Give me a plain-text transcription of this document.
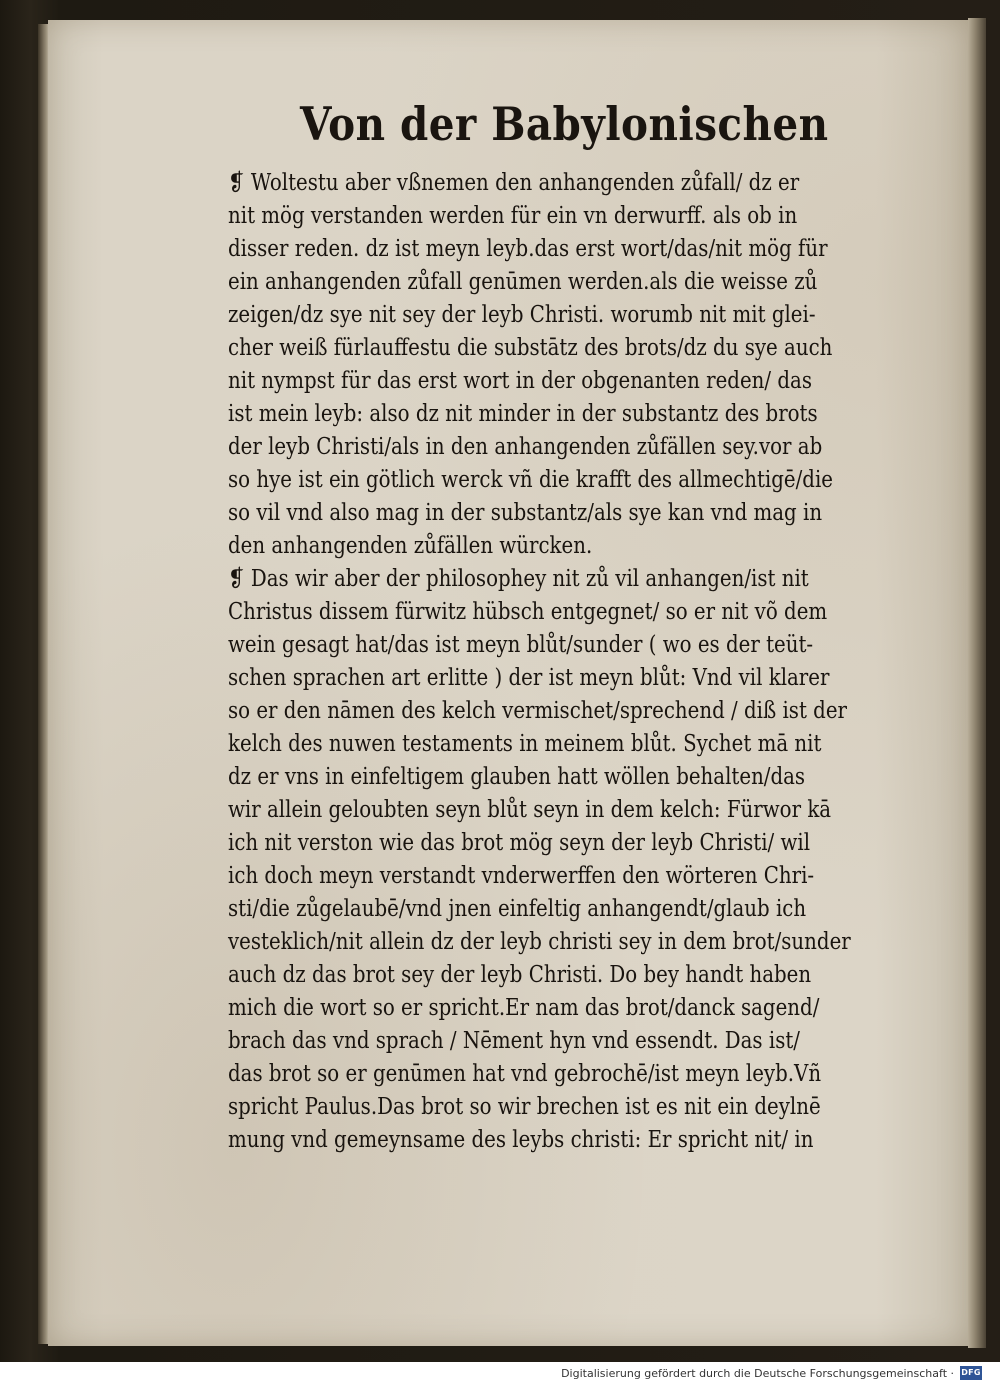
Von der Babylonischen
❡ Woltestu aber vßnemen den anhangenden zůfall/ dz er
nit mög verstanden werden für ein vn derwurff. als ob in
disser reden. dz ist meyn leyb.das erst wort/das/nit mög für
ein anhangenden zůfall genūmen werden.als die weisse zů
zeigen/dz sye nit sey der leyb Christi. worumb nit mit glei-
cher weiß fürlauffestu die substātz des brots/dz du sye auch
nit nympst für das erst wort in der obgenanten reden/ das
ist mein leyb: also dz nit minder in der substantz des brots
der leyb Christi/als in den anhangenden zůfällen sey.vor ab
so hye ist ein götlich werck vñ die krafft des allmechtigē/die
so vil vnd also mag in der substantz/als sye kan vnd mag in
den anhangenden zůfällen würcken.
❡ Das wir aber der philosophey nit zů vil anhangen/ist nit
Christus dissem fürwitz hübsch entgegnet/ so er nit võ dem
wein gesagt hat/das ist meyn blůt/sunder ( wo es der teüt-
schen sprachen art erlitte ) der ist meyn blůt: Vnd vil klarer
so er den nāmen des kelch vermischet/sprechend / diß ist der
kelch des nuwen testaments in meinem blůt. Sychet mā nit
dz er vns in einfeltigem glauben hatt wöllen behalten/das
wir allein geloubten seyn blůt seyn in dem kelch: Fürwor kā
ich nit verston wie das brot mög seyn der leyb Christi/ wil
ich doch meyn verstandt vnderwerffen den wörteren Chri-
sti/die zůgelaubē/vnd jnen einfeltig anhangendt/glaub ich
vesteklich/nit allein dz der leyb christi sey in dem brot/sunder
auch dz das brot sey der leyb Christi. Do bey handt haben
mich die wort so er spricht.Er nam das brot/danck sagend/
brach das vnd sprach / Nēment hyn vnd essendt. Das ist/
das brot so er genūmen hat vnd gebrochē/ist meyn leyb.Vñ
spricht Paulus.Das brot so wir brechen ist es nit ein deylnē
mung vnd gemeynsame des leybs christi: Er spricht nit/ in
Digitalisierung gefördert durch die Deutsche Forschungsgemeinschaft · DFG
